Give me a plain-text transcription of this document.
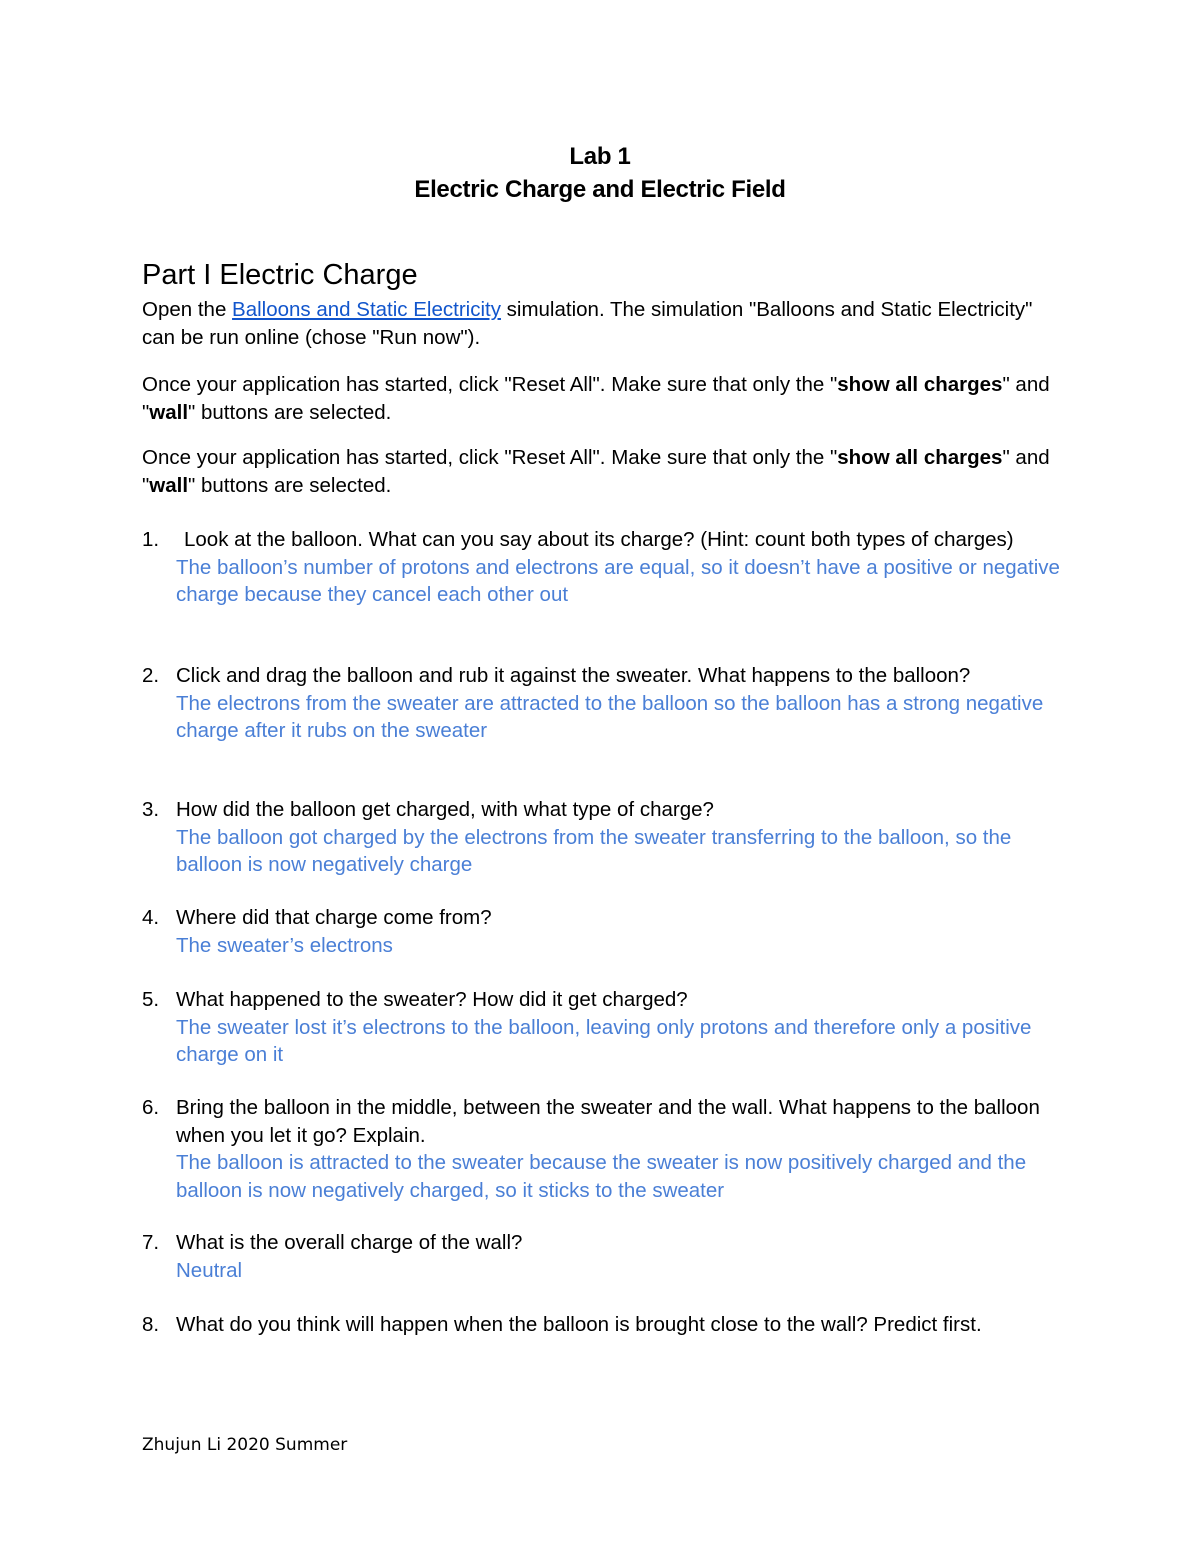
Lab 1
Electric Charge and Electric Field
Part I Electric Charge

Open the Balloons and Static Electricity simulation. The simulation "Balloons and Static Electricity" can be run online (chose "Run now").

Once your application has started, click "Reset All". Make sure that only the "show all charges" and "wall" buttons are selected.

Once your application has started, click "Reset All". Make sure that only the "show all charges" and "wall" buttons are selected.

1.	Look at the balloon. What can you say about its charge? (Hint: count both types of charges)
The balloon’s number of protons and electrons are equal, so it doesn’t have a positive or negative charge because they cancel each other out
2. Click and drag the balloon and rub it against the sweater. What happens to the balloon?
The electrons from the sweater are attracted to the balloon so the balloon has a strong negative charge after it rubs on the sweater
3. How did the balloon get charged, with what type of charge?
The balloon got charged by the electrons from the sweater transferring to the balloon, so the balloon is now negatively charge
4. Where did that charge come from?
The sweater’s electrons
5. What happened to the sweater? How did it get charged?
The sweater lost it’s electrons to the balloon, leaving only protons and therefore only a positive charge on it
6. Bring the balloon in the middle, between the sweater and the wall. What happens to the balloon when you let it go? Explain.
The balloon is attracted to the sweater because the sweater is now positively charged and the balloon is now negatively charged, so it sticks to the sweater
7. What is the overall charge of the wall?
Neutral
8. What do you think will happen when the balloon is brought close to the wall? Predict first.
Zhujun Li 2020 Summer
